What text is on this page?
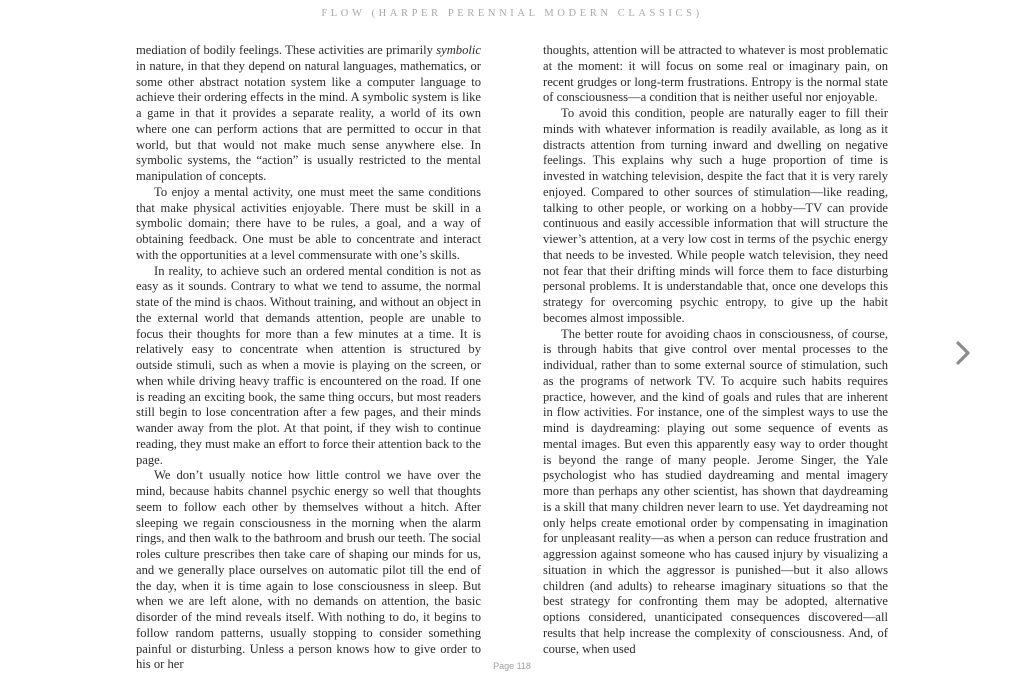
FLOW (HARPER PERENNIAL MODERN CLASSICS)

mediation of bodily feelings. These activities are primarily symbolic in nature, in that they depend on natural languages, mathematics, or some other abstract notation system like a computer language to achieve their ordering effects in the mind. A symbolic system is like a game in that it provides a separate reality, a world of its own where one can perform actions that are permitted to occur in that world, but that would not make much sense anywhere else. In symbolic systems, the “action” is usually restricted to the mental manipulation of concepts.

To enjoy a mental activity, one must meet the same conditions that make physical activities enjoyable. There must be skill in a symbolic domain; there have to be rules, a goal, and a way of obtaining feedback. One must be able to concentrate and interact with the opportunities at a level commensurate with one’s skills.

In reality, to achieve such an ordered mental condition is not as easy as it sounds. Contrary to what we tend to assume, the normal state of the mind is chaos. Without training, and without an object in the external world that demands attention, people are unable to focus their thoughts for more than a few minutes at a time. It is relatively easy to concentrate when attention is structured by outside stimuli, such as when a movie is playing on the screen, or when while driving heavy traffic is encountered on the road. If one is reading an exciting book, the same thing occurs, but most readers still begin to lose concentration after a few pages, and their minds wander away from the plot. At that point, if they wish to continue reading, they must make an effort to force their attention back to the page.

We don’t usually notice how little control we have over the mind, because habits channel psychic energy so well that thoughts seem to follow each other by themselves without a hitch. After sleeping we regain consciousness in the morning when the alarm rings, and then walk to the bathroom and brush our teeth. The social roles culture prescribes then take care of shaping our minds for us, and we generally place ourselves on automatic pilot till the end of the day, when it is time again to lose consciousness in sleep. But when we are left alone, with no demands on attention, the basic disorder of the mind reveals itself. With nothing to do, it begins to follow random patterns, usually stopping to consider something painful or disturbing. Unless a person knows how to give order to his or her

thoughts, attention will be attracted to whatever is most problematic at the moment: it will focus on some real or imaginary pain, on recent grudges or long-term frustrations. Entropy is the normal state of consciousness—a condition that is neither useful nor enjoyable.

To avoid this condition, people are naturally eager to fill their minds with whatever information is readily available, as long as it distracts attention from turning inward and dwelling on negative feelings. This explains why such a huge proportion of time is invested in watching television, despite the fact that it is very rarely enjoyed. Compared to other sources of stimulation—like reading, talking to other people, or working on a hobby—TV can provide continuous and easily accessible information that will structure the viewer’s attention, at a very low cost in terms of the psychic energy that needs to be invested. While people watch television, they need not fear that their drifting minds will force them to face disturbing personal problems. It is understandable that, once one develops this strategy for overcoming psychic entropy, to give up the habit becomes almost impossible.

The better route for avoiding chaos in consciousness, of course, is through habits that give control over mental processes to the individual, rather than to some external source of stimulation, such as the programs of network TV. To acquire such habits requires practice, however, and the kind of goals and rules that are inherent in flow activities. For instance, one of the simplest ways to use the mind is daydreaming: playing out some sequence of events as mental images. But even this apparently easy way to order thought is beyond the range of many people. Jerome Singer, the Yale psychologist who has studied daydreaming and mental imagery more than perhaps any other scientist, has shown that daydreaming is a skill that many children never learn to use. Yet daydreaming not only helps create emotional order by compensating in imagination for unpleasant reality—as when a person can reduce frustration and aggression against someone who has caused injury by visualizing a situation in which the aggressor is punished—but it also allows children (and adults) to rehearse imaginary situations so that the best strategy for confronting them may be adopted, alternative options considered, unanticipated consequences discovered—all results that help increase the complexity of consciousness. And, of course, when used

Page 118
